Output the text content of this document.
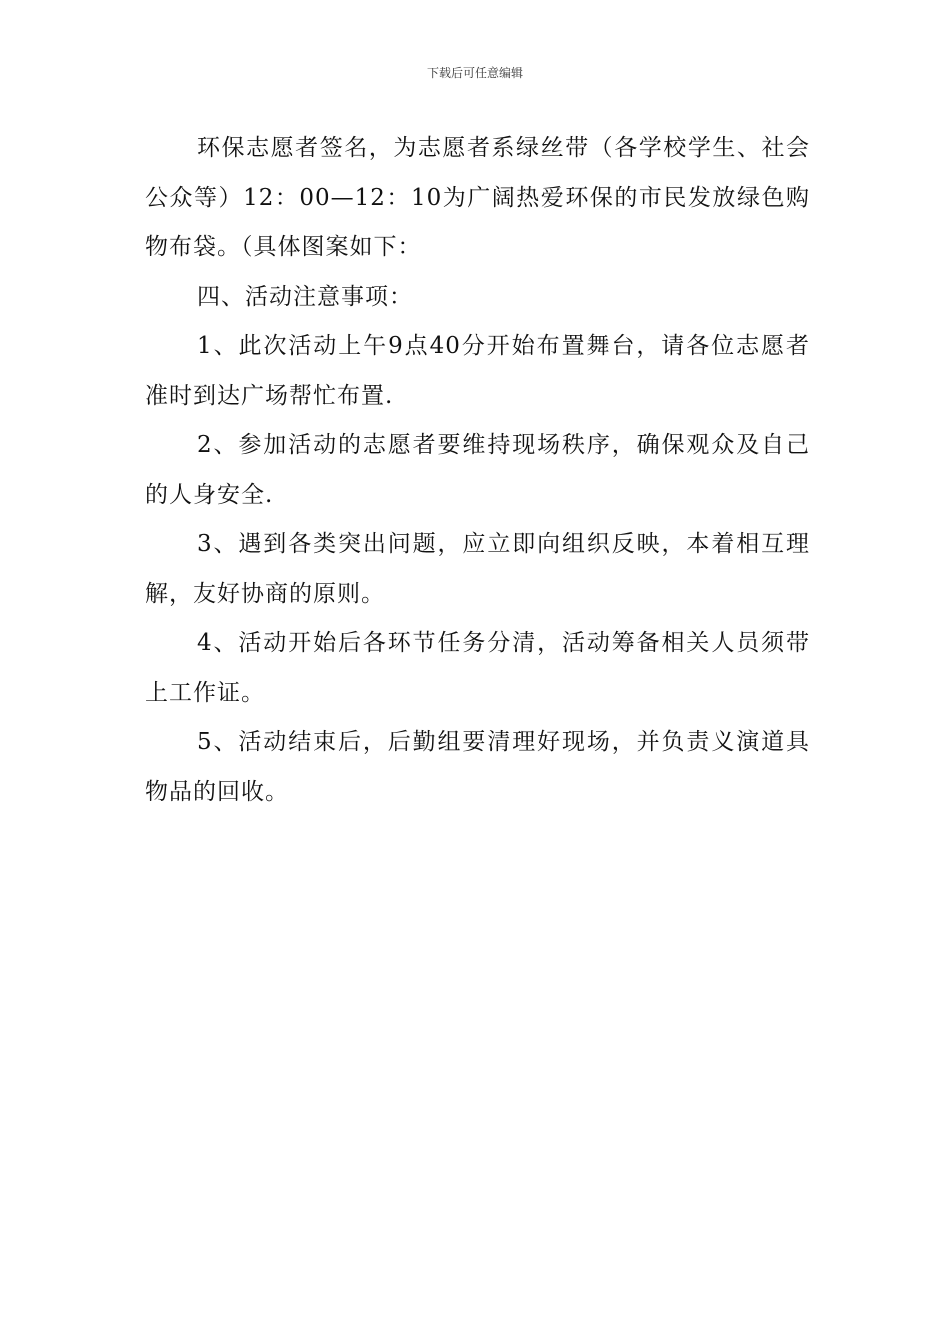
下载后可任意编辑

环保志愿者签名，为志愿者系绿丝带（各学校学生、社会公众等）12：00—12：10为广阔热爱环保的市民发放绿色购物布袋。（具体图案如下：

四、活动注意事项：

1、此次活动上午9点40分开始布置舞台，请各位志愿者准时到达广场帮忙布置.

2、参加活动的志愿者要维持现场秩序，确保观众及自己的人身安全.

3、遇到各类突出问题，应立即向组织反映，本着相互理解，友好协商的原则。

4、活动开始后各环节任务分清，活动筹备相关人员须带上工作证。

5、活动结束后，后勤组要清理好现场，并负责义演道具物品的回收。
